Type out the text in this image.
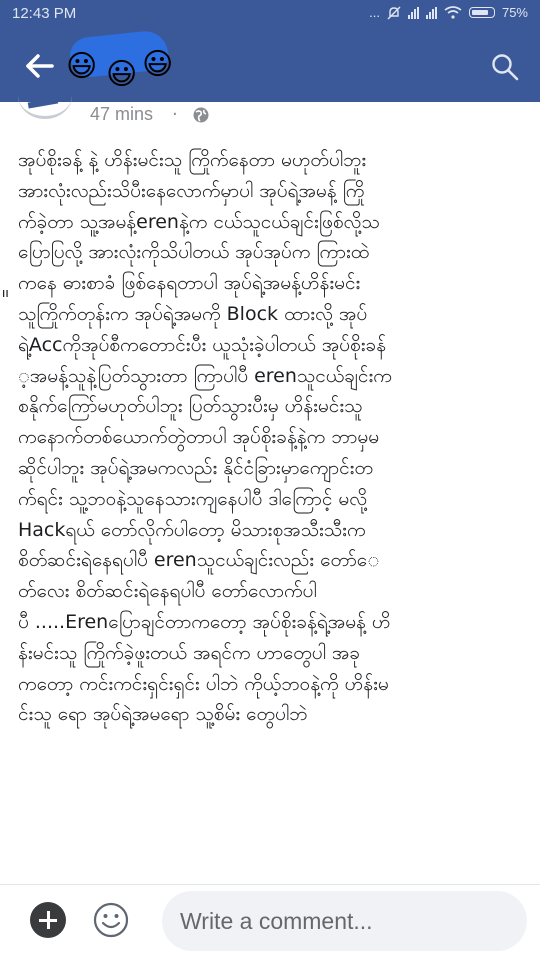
12:43 PM	...	75%
😃 😃 😃
47 mins ·
ıı
အုပ်စိုးခန့် နဲ့ ဟိန်းမင်းသူ ကြိုက်နေတာ မဟုတ်ပါဘူး
အားလုံးလည်းသိပီးနေလောက်မှာပါ အုပ်ရဲ့အမန့် ကြို
က်ခဲ့တာ သူ့အမန့်erenနဲ့က ငယ်သူငယ်ချင်းဖြစ်လို့သ
ပြောပြလို့ အားလုံးကိုသိပါတယ် အုပ်အုပ်က ကြားထဲ
ကနေ ဓားစာခံ ဖြစ်နေရတာပါ အုပ်ရဲ့အမန့်ဟိန်းမင်း
သူကြိုက်တုန်းက အုပ်ရဲ့အမကို Block ထားလို့ အုပ်
ရဲ့Accကိုအုပ်စီကတောင်းပီး ယူသုံးခဲ့ပါတယ် အုပ်စိုးခန်
့အမန့်သူနဲ့ပြတ်သွားတာ ကြာပါပီ erenသူငယ်ချင်းက
စနိုက်ကြော်မဟုတ်ပါဘူး ပြတ်သွားပီးမှ ဟိန်းမင်းသူ
ကနောက်တစ်ယောက်တွဲတာပါ အုပ်စိုးခန့်နဲ့က ဘာမှမ
ဆိုင်ပါဘူး အုပ်ရဲ့အမကလည်း နိုင်ငံခြားမှာကျောင်းတ
က်ရင်း သူ့ဘဝနဲ့သူနေသားကျနေပါပီ ဒါကြောင့် မလို့
Hackရယ် တော်လိုက်ပါတော့ မိသားစုအသီးသီးက
စိတ်ဆင်းရဲနေရပါပီ erenသူငယ်ချင်းလည်း တော်ေ
တ်လေး စိတ်ဆင်းရဲနေရပါပီ တော်လောက်ပါ
ပီ .....Erenပြောချင်တာကတော့ အုပ်စိုးခန့်ရဲ့အမန့် ဟိ
န်းမင်းသူ ကြိုက်ခဲ့ဖူးတယ် အရင်က ဟာတွေပါ အခု
ကတော့ ကင်းကင်းရှင်းရှင်း ပါဘဲ ကိုယ့်ဘဝနဲ့ကို ဟိန်းမ
င်းသူ ရော အုပ်ရဲ့အမရော သူ့စိမ်း တွေပါဘဲ
Write a comment...
